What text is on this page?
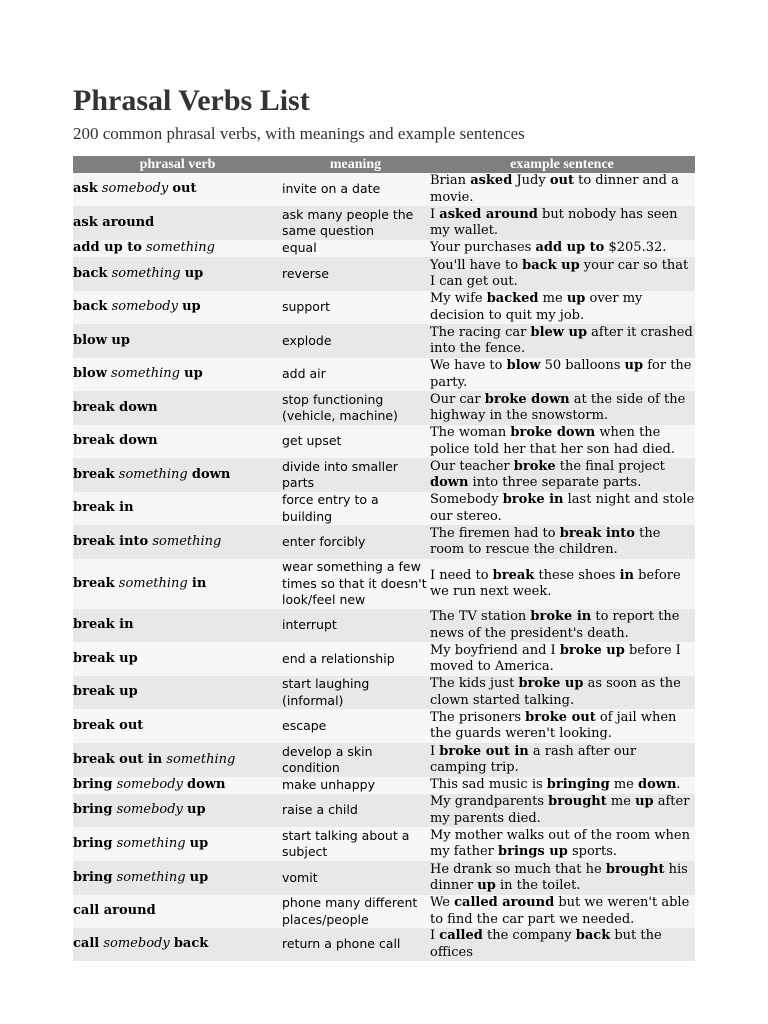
Phrasal Verbs List

200 common phrasal verbs, with meanings and example sentences

phrasal verb	meaning	example sentence
ask somebody out	invite on a date	Brian asked Judy out to dinner and a movie.
ask around	ask many people the same question	I asked around but nobody has seen my wallet.
add up to something	equal	Your purchases add up to $205.32.
back something up	reverse	You'll have to back up your car so that I can get out.
back somebody up	support	My wife backed me up over my decision to quit my job.
blow up	explode	The racing car blew up after it crashed into the fence.
blow something up	add air	We have to blow 50 balloons up for the party.
break down	stop functioning (vehicle, machine)	Our car broke down at the side of the highway in the snowstorm.
break down	get upset	The woman broke down when the police told her that her son had died.
break something down	divide into smaller parts	Our teacher broke the final project down into three separate parts.
break in	force entry to a building	Somebody broke in last night and stole our stereo.
break into something	enter forcibly	The firemen had to break into the room to rescue the children.
break something in	wear something a few times so that it doesn't look/feel new	I need to break these shoes in before we run next week.
break in	interrupt	The TV station broke in to report the news of the president's death.
break up	end a relationship	My boyfriend and I broke up before I moved to America.
break up	start laughing (informal)	The kids just broke up as soon as the clown started talking.
break out	escape	The prisoners broke out of jail when the guards weren't looking.
break out in something	develop a skin condition	I broke out in a rash after our camping trip.
bring somebody down	make unhappy	This sad music is bringing me down.
bring somebody up	raise a child	My grandparents brought me up after my parents died.
bring something up	start talking about a subject	My mother walks out of the room when my father brings up sports.
bring something up	vomit	He drank so much that he brought his dinner up in the toilet.
call around	phone many different places/people	We called around but we weren't able to find the car part we needed.
call somebody back	return a phone call	I called the company back but the offices
